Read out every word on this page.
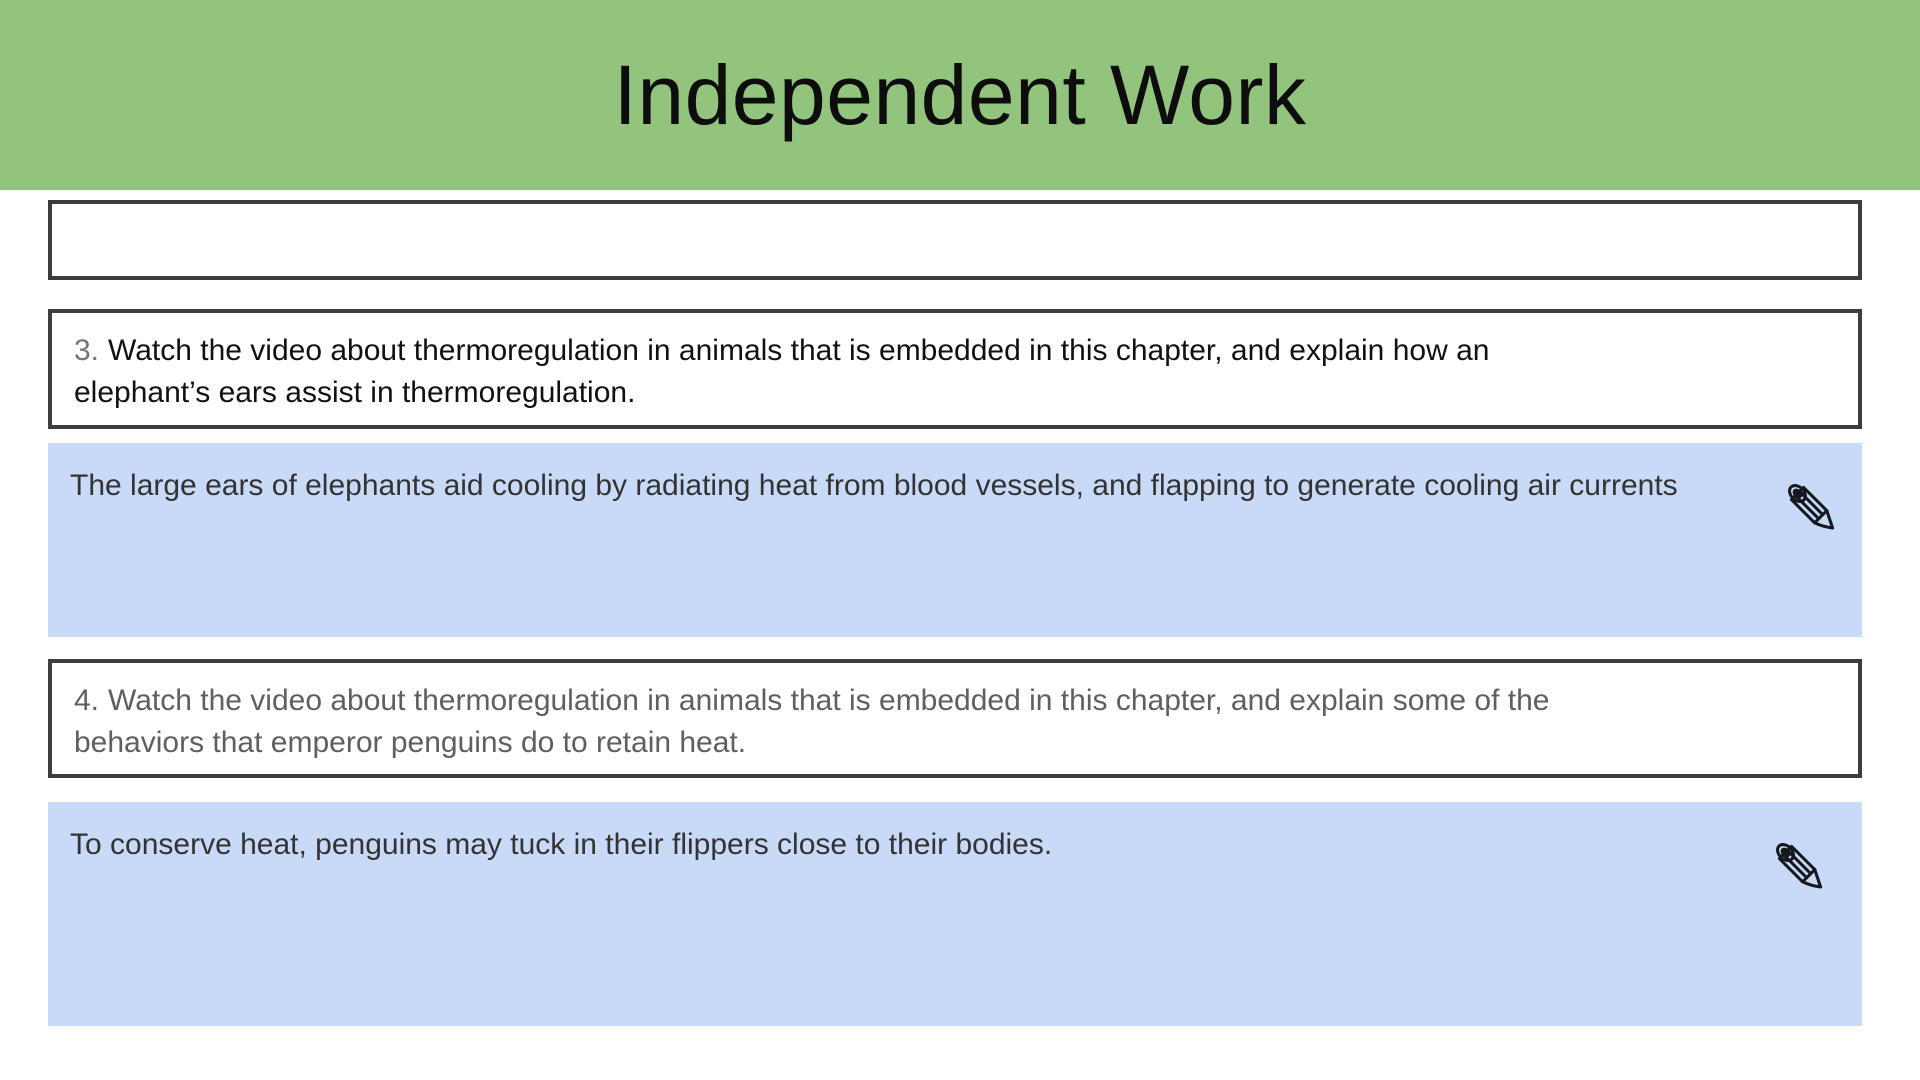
Independent Work
3. Watch the video about thermoregulation in animals that is embedded in this chapter, and explain how an
elephant’s ears assist in thermoregulation.
The large ears of elephants aid cooling by radiating heat from blood vessels, and flapping to generate cooling air currents
4. Watch the video about thermoregulation in animals that is embedded in this chapter, and explain some of the
behaviors that emperor penguins do to retain heat.
To conserve heat, penguins may tuck in their flippers close to their bodies.
